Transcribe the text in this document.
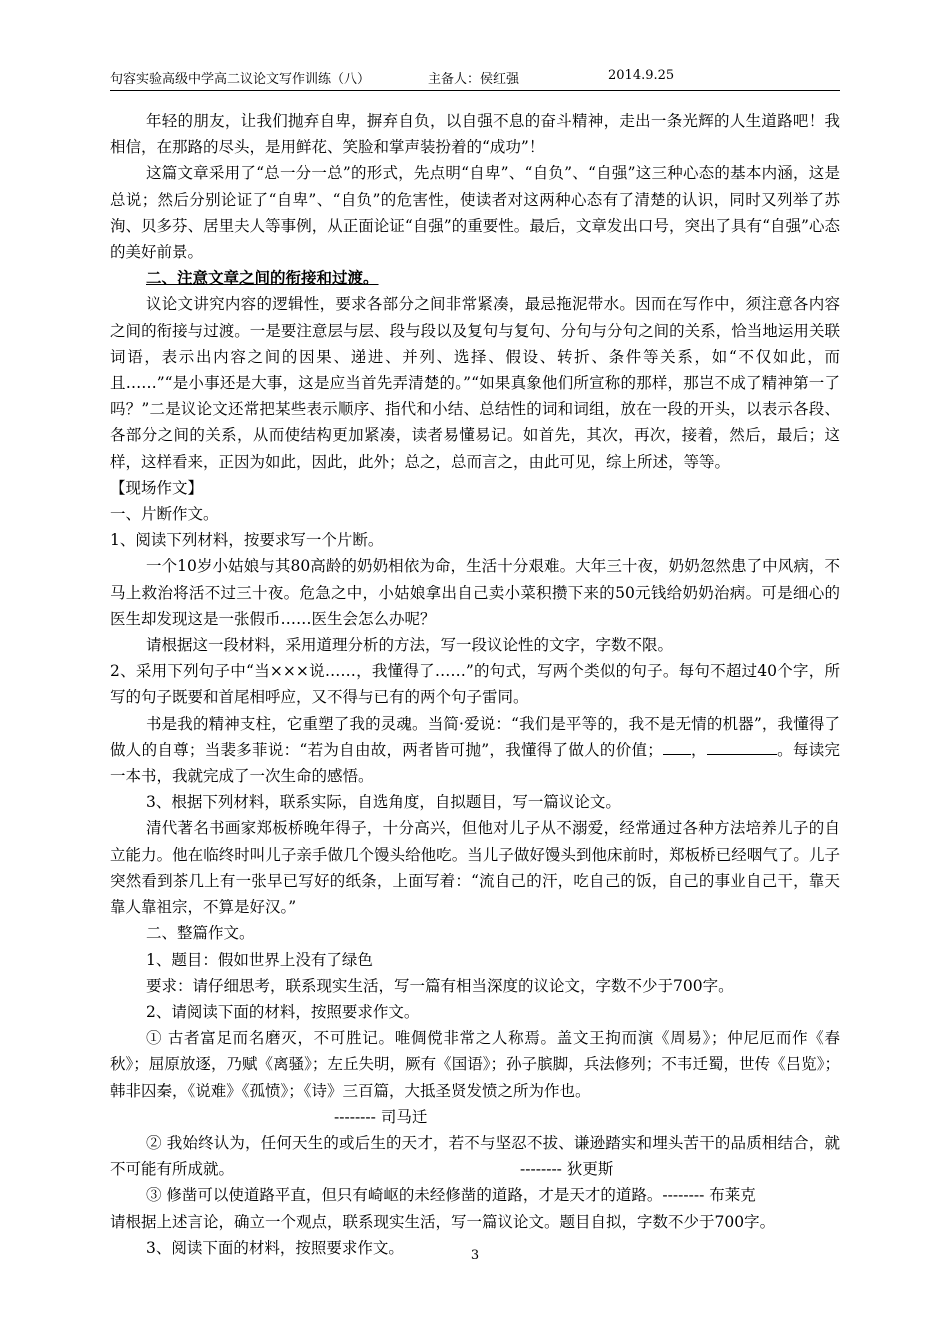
句容实验高级中学高二议论文写作训练（八）	主备人：侯红强	2014.9.25

年轻的朋友，让我们抛弃自卑，摒弃自负，以自强不息的奋斗精神，走出一条光辉的人生道路吧！我相信，在那路的尽头，是用鲜花、笑脸和掌声装扮着的“成功”！

这篇文章采用了“总一分一总”的形式，先点明“自卑”、“自负”、“自强”这三种心态的基本内涵，这是总说；然后分别论证了“自卑”、“自负”的危害性，使读者对这两种心态有了清楚的认识，同时又列举了苏洵、贝多芬、居里夫人等事例，从正面论证“自强”的重要性。最后，文章发出口号，突出了具有“自强”心态的美好前景。

二、注意文章之间的衔接和过渡。

议论文讲究内容的逻辑性，要求各部分之间非常紧凑，最忌拖泥带水。因而在写作中，须注意各内容之间的衔接与过渡。一是要注意层与层、段与段以及复句与复句、分句与分句之间的关系，恰当地运用关联词语，表示出内容之间的因果、递进、并列、选择、假设、转折、条件等关系，如“不仅如此，而且……”“是小事还是大事，这是应当首先弄清楚的。”“如果真象他们所宣称的那样，那岂不成了精神第一了吗？”二是议论文还常把某些表示顺序、指代和小结、总结性的词和词组，放在一段的开头，以表示各段、各部分之间的关系，从而使结构更加紧凑，读者易懂易记。如首先，其次，再次，接着，然后，最后；这样，这样看来，正因为如此，因此，此外；总之，总而言之，由此可见，综上所述，等等。

【现场作文】

一、片断作文。

1、阅读下列材料，按要求写一个片断。

一个10岁小姑娘与其80高龄的奶奶相依为命，生活十分艰难。大年三十夜，奶奶忽然患了中风病，不马上救治将活不过三十夜。危急之中，小姑娘拿出自己卖小菜积攒下来的50元钱给奶奶治病。可是细心的医生却发现这是一张假币……医生会怎么办呢？

请根据这一段材料，采用道理分析的方法，写一段议论性的文字，字数不限。

2、采用下列句子中“当×××说……，我懂得了……”的句式，写两个类似的句子。每句不超过40个字，所写的句子既要和首尾相呼应，又不得与已有的两个句子雷同。

书是我的精神支柱，它重塑了我的灵魂。当简·爱说：“我们是平等的，我不是无情的机器”，我懂得了做人的自尊；当裴多菲说：“若为自由故，两者皆可抛”，我懂得了做人的价值； ，	。每读完一本书，我就完成了一次生命的感悟。

3、根据下列材料，联系实际，自选角度，自拟题目，写一篇议论文。

清代著名书画家郑板桥晚年得子，十分高兴，但他对儿子从不溺爱，经常通过各种方法培养儿子的自立能力。他在临终时叫儿子亲手做几个馒头给他吃。当儿子做好馒头到他床前时，郑板桥已经咽气了。儿子突然看到茶几上有一张早已写好的纸条，上面写着：“流自己的汗，吃自己的饭，自己的事业自己干，靠天靠人靠祖宗，不算是好汉。”

二、整篇作文。

1、题目：假如世界上没有了绿色

要求：请仔细思考，联系现实生活，写一篇有相当深度的议论文，字数不少于700字。

2、请阅读下面的材料，按照要求作文。

① 古者富足而名磨灭，不可胜记。唯倜傥非常之人称焉。盖文王拘而演《周易》；仲尼厄而作《春秋》；屈原放逐，乃赋《离骚》；左丘失明，厥有《国语》；孙子膑脚，兵法修列；不韦迁蜀，世传《吕览》；韩非囚秦，《说难》《孤愤》；《诗》三百篇，大抵圣贤发愤之所为作也。

-------- 司马迁

② 我始终认为，任何天生的或后生的天才，若不与坚忍不拔、谦逊踏实和埋头苦干的品质相结合，就不可能有所成就。	-------- 狄更斯

③ 修凿可以使道路平直，但只有崎岖的未经修凿的道路，才是天才的道路。-------- 布莱克

请根据上述言论，确立一个观点，联系现实生活，写一篇议论文。题目自拟，字数不少于700字。

3、阅读下面的材料，按照要求作文。	3
